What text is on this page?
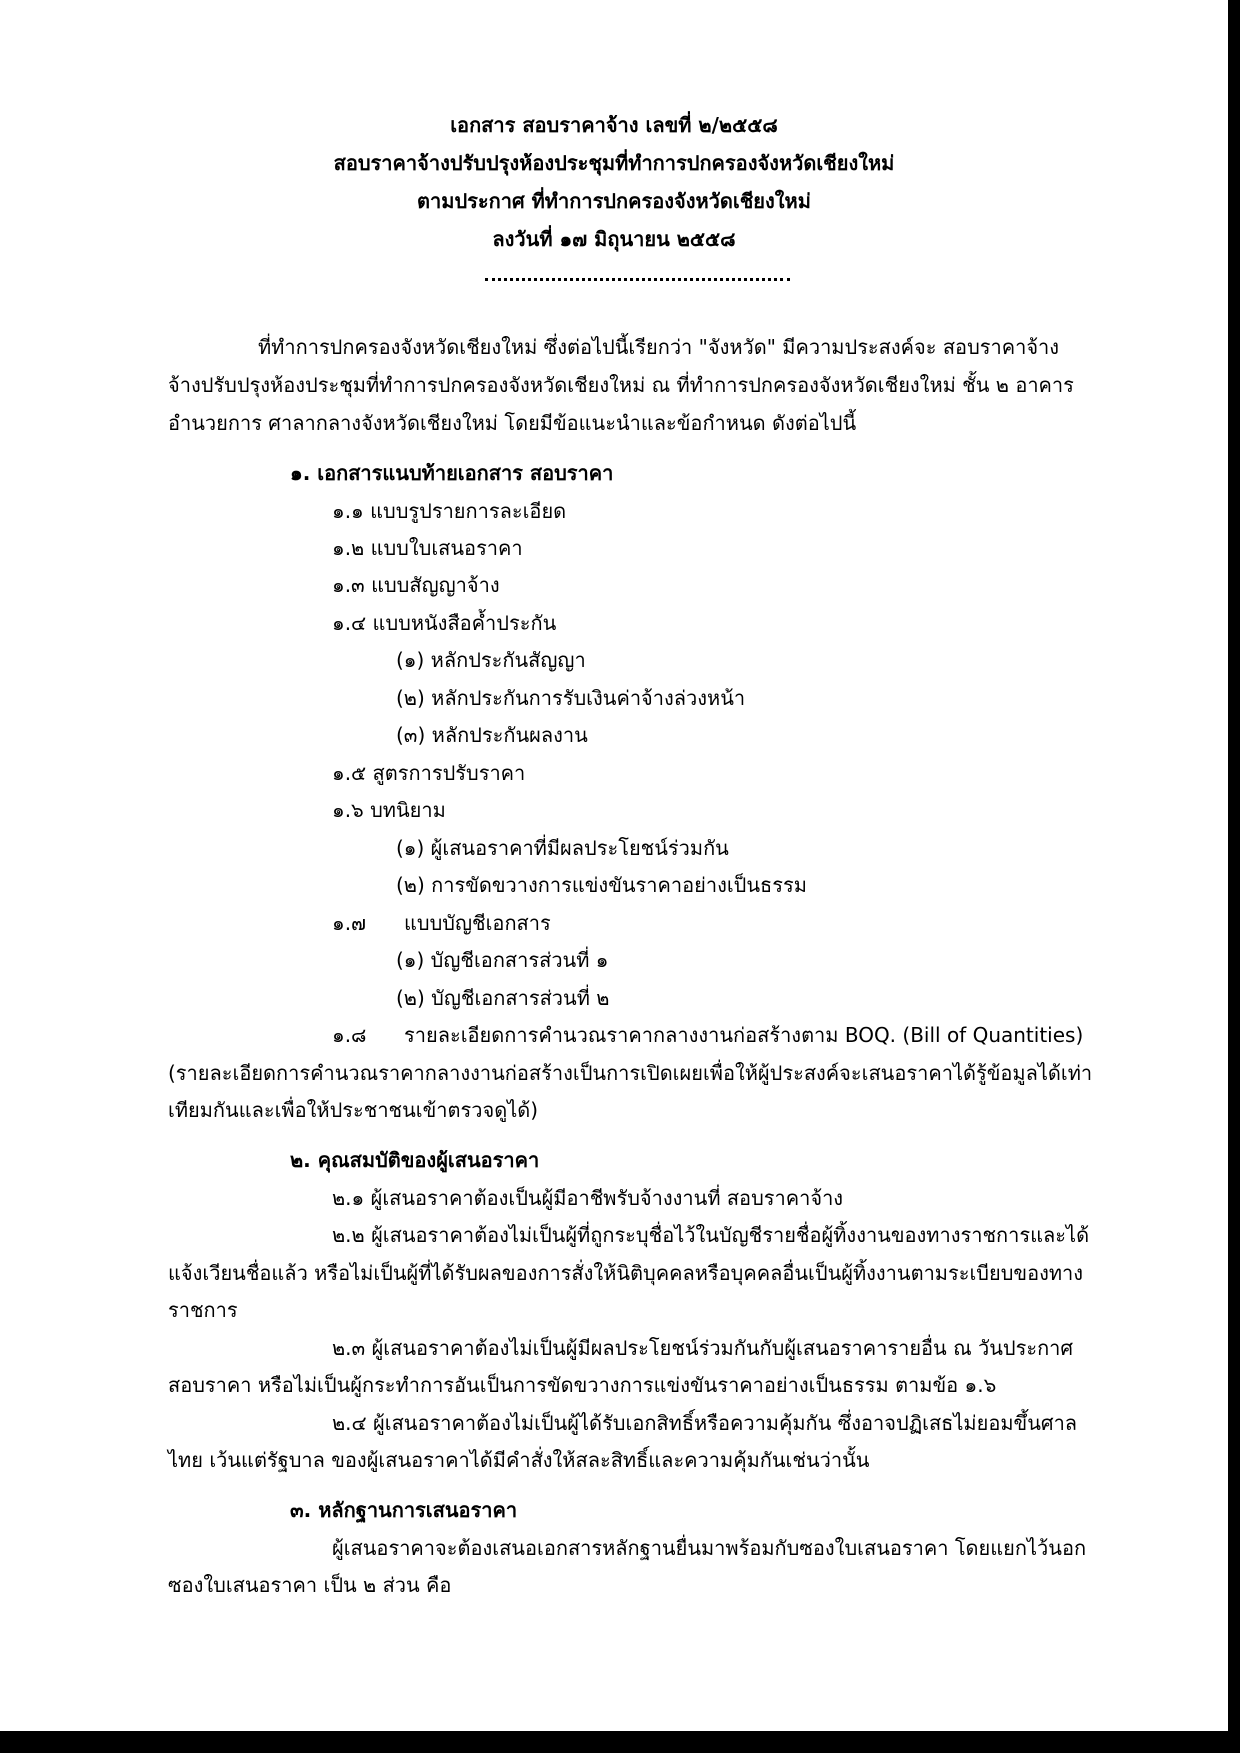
เอกสาร สอบราคาจ้าง เลขที่ ๒/๒๕๕๘
สอบราคาจ้างปรับปรุงห้องประชุมที่ทำการปกครองจังหวัดเชียงใหม่
ตามประกาศ ที่ทำการปกครองจังหวัดเชียงใหม่
ลงวันที่ ๑๗ มิถุนายน ๒๕๕๘
ที่ทำการปกครองจังหวัดเชียงใหม่ ซึ่งต่อไปนี้เรียกว่า "จังหวัด" มีความประสงค์จะ สอบราคาจ้าง
จ้างปรับปรุงห้องประชุมที่ทำการปกครองจังหวัดเชียงใหม่ ณ ที่ทำการปกครองจังหวัดเชียงใหม่ ชั้น ๒ อาคาร
อำนวยการ ศาลากลางจังหวัดเชียงใหม่ โดยมีข้อแนะนำและข้อกำหนด ดังต่อไปนี้
๑. เอกสารแนบท้ายเอกสาร สอบราคา
๑.๑ แบบรูปรายการละเอียด
๑.๒ แบบใบเสนอราคา
๑.๓ แบบสัญญาจ้าง
๑.๔ แบบหนังสือค้ำประกัน
(๑) หลักประกันสัญญา
(๒) หลักประกันการรับเงินค่าจ้างล่วงหน้า
(๓) หลักประกันผลงาน
๑.๕ สูตรการปรับราคา
๑.๖ บทนิยาม
(๑) ผู้เสนอราคาที่มีผลประโยชน์ร่วมกัน
(๒) การขัดขวางการแข่งขันราคาอย่างเป็นธรรม
๑.๗ แบบบัญชีเอกสาร
(๑) บัญชีเอกสารส่วนที่ ๑
(๒) บัญชีเอกสารส่วนที่ ๒
๑.๘ รายละเอียดการคำนวณราคากลางงานก่อสร้างตาม BOQ. (Bill of Quantities)
(รายละเอียดการคำนวณราคากลางงานก่อสร้างเป็นการเปิดเผยเพื่อให้ผู้ประสงค์จะเสนอราคาได้รู้ข้อมูลได้เท่า
เทียมกันและเพื่อให้ประชาชนเข้าตรวจดูได้)
๒. คุณสมบัติของผู้เสนอราคา
๒.๑ ผู้เสนอราคาต้องเป็นผู้มีอาชีพรับจ้างงานที่ สอบราคาจ้าง
๒.๒ ผู้เสนอราคาต้องไม่เป็นผู้ที่ถูกระบุชื่อไว้ในบัญชีรายชื่อผู้ทิ้งงานของทางราชการและได้
แจ้งเวียนชื่อแล้ว หรือไม่เป็นผู้ที่ได้รับผลของการสั่งให้นิติบุคคลหรือบุคคลอื่นเป็นผู้ทิ้งงานตามระเบียบของทาง
ราชการ
๒.๓ ผู้เสนอราคาต้องไม่เป็นผู้มีผลประโยชน์ร่วมกันกับผู้เสนอราคารายอื่น ณ วันประกาศ
สอบราคา หรือไม่เป็นผู้กระทำการอันเป็นการขัดขวางการแข่งขันราคาอย่างเป็นธรรม ตามข้อ ๑.๖
๒.๔ ผู้เสนอราคาต้องไม่เป็นผู้ได้รับเอกสิทธิ์หรือความคุ้มกัน ซึ่งอาจปฏิเสธไม่ยอมขึ้นศาล
ไทย เว้นแต่รัฐบาล ของผู้เสนอราคาได้มีคำสั่งให้สละสิทธิ์และความคุ้มกันเช่นว่านั้น
๓. หลักฐานการเสนอราคา
ผู้เสนอราคาจะต้องเสนอเอกสารหลักฐานยื่นมาพร้อมกับซองใบเสนอราคา โดยแยกไว้นอก
ซองใบเสนอราคา เป็น ๒ ส่วน คือ
